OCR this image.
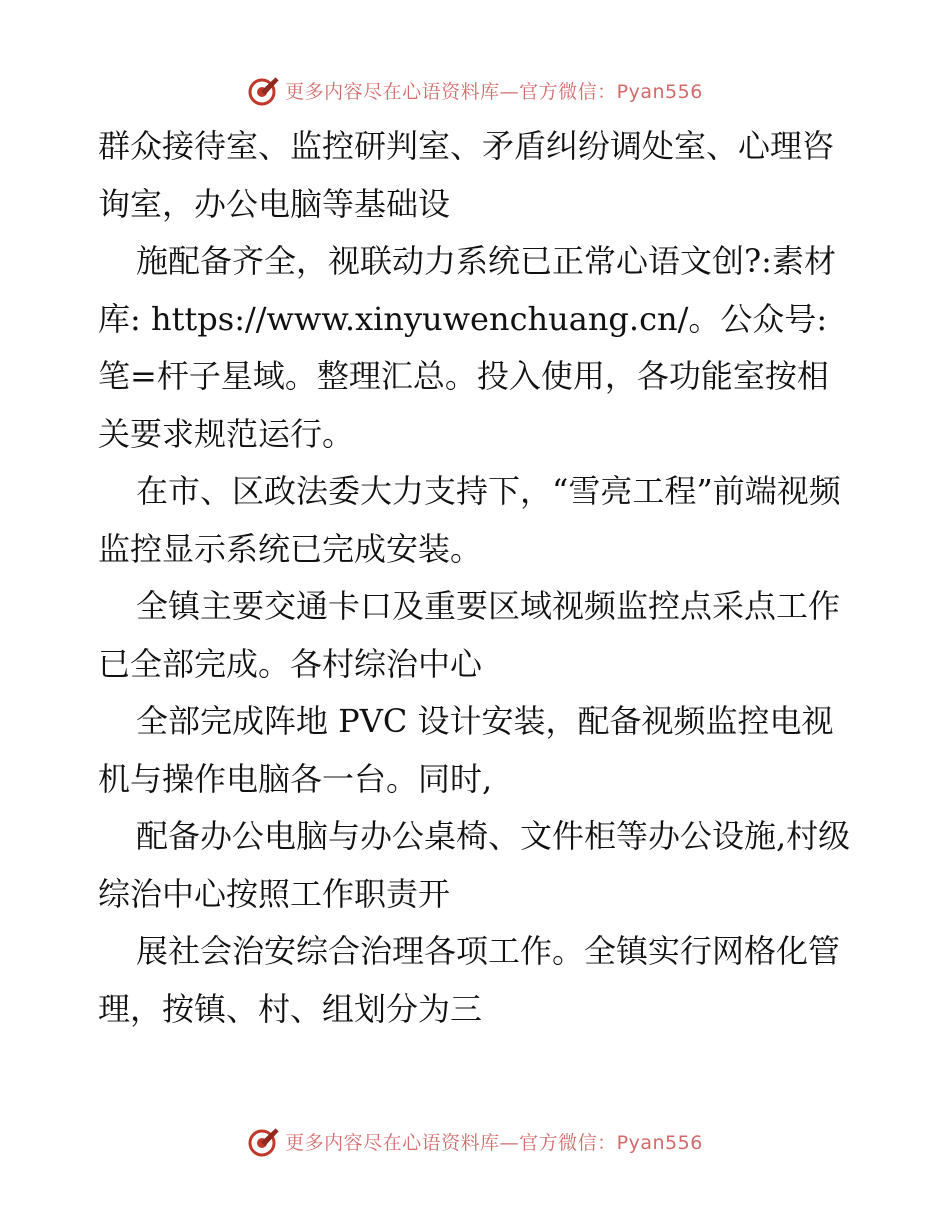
更多内容尽在心语资料库—官方微信：Pyan556

群众接待室、监控研判室、矛盾纠纷调处室、心理咨询室，办公电脑等基础设

施配备齐全，视联动力系统已正常心语文创?:素材库: https://www.xinyuwenchuang.cn/。公众号: 笔=杆子星域。整理汇总。投入使用，各功能室按相关要求规范运行。

在市、区政法委大力支持下，“雪亮工程”前端视频监控显示系统已完成安装。

全镇主要交通卡口及重要区域视频监控点采点工作已全部完成。各村综治中心

全部完成阵地 PVC 设计安装，配备视频监控电视机与操作电脑各一台。同时,

配备办公电脑与办公桌椅、文件柜等办公设施,村级综治中心按照工作职责开

展社会治安综合治理各项工作。全镇实行网格化管理，按镇、村、组划分为三

更多内容尽在心语资料库—官方微信：Pyan556
